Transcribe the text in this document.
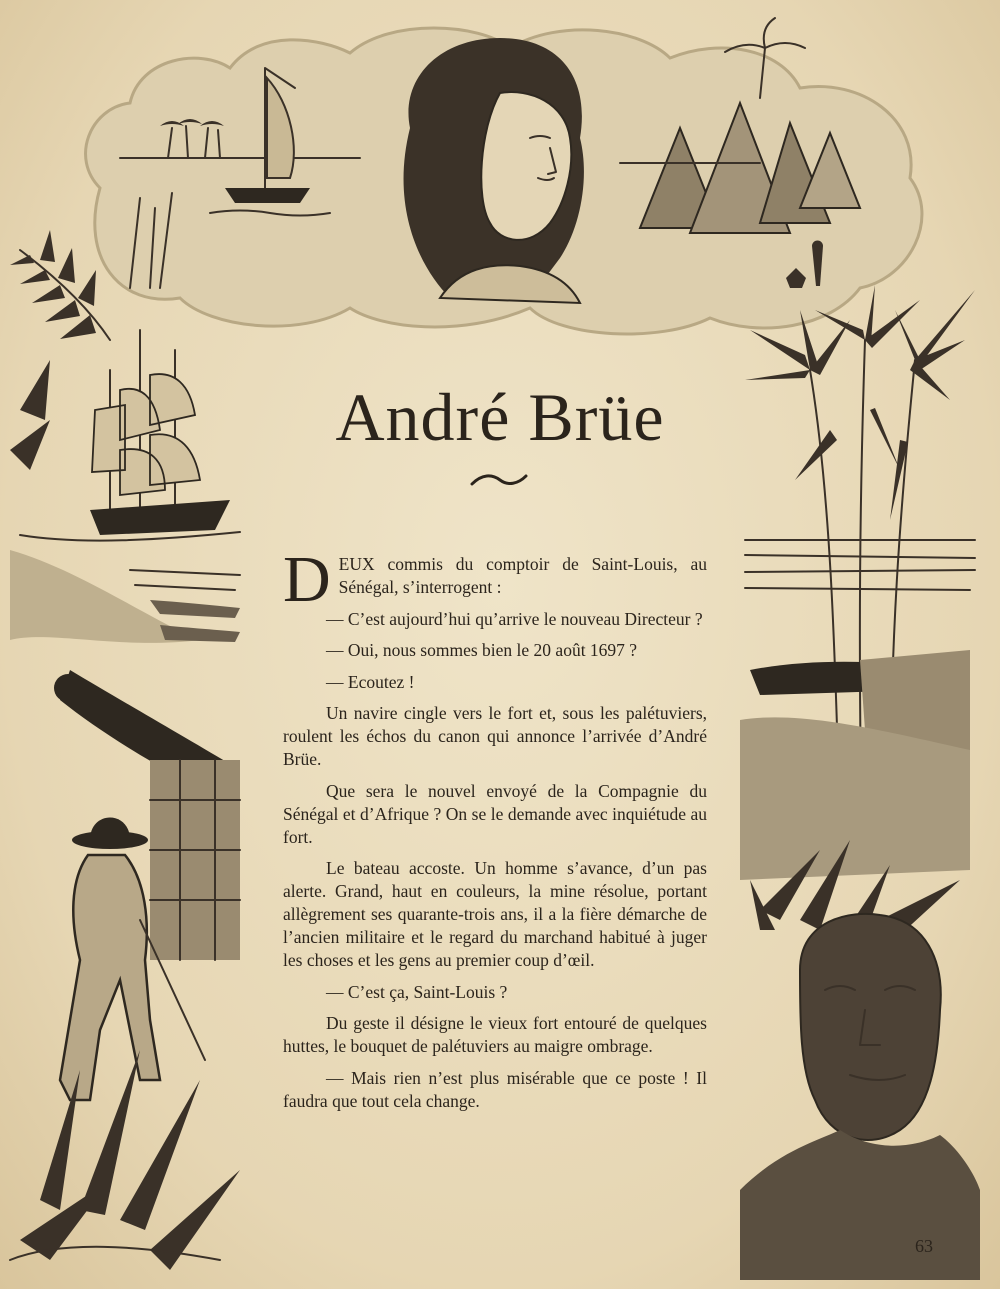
André Brüe

DEUX commis du comptoir de Saint-Louis, au Sénégal, s’interrogent :

— C’est aujourd’hui qu’arrive le nouveau Directeur ?

— Oui, nous sommes bien le 20 août 1697 ?

— Ecoutez !

Un navire cingle vers le fort et, sous les palétuviers, roulent les échos du canon qui annonce l’arrivée d’André Brüe.

Que sera le nouvel envoyé de la Compagnie du Sénégal et d’Afrique ? On se le demande avec inquiétude au fort.

Le bateau accoste. Un homme s’avance, d’un pas alerte. Grand, haut en couleurs, la mine résolue, portant allègrement ses quarante-trois ans, il a la fière démarche de l’ancien militaire et le regard du marchand habitué à juger les choses et les gens au premier coup d’œil.

— C’est ça, Saint-Louis ?

Du geste il désigne le vieux fort entouré de quelques huttes, le bouquet de palétuviers au maigre ombrage.

— Mais rien n’est plus misérable que ce poste ! Il faudra que tout cela change.

63
